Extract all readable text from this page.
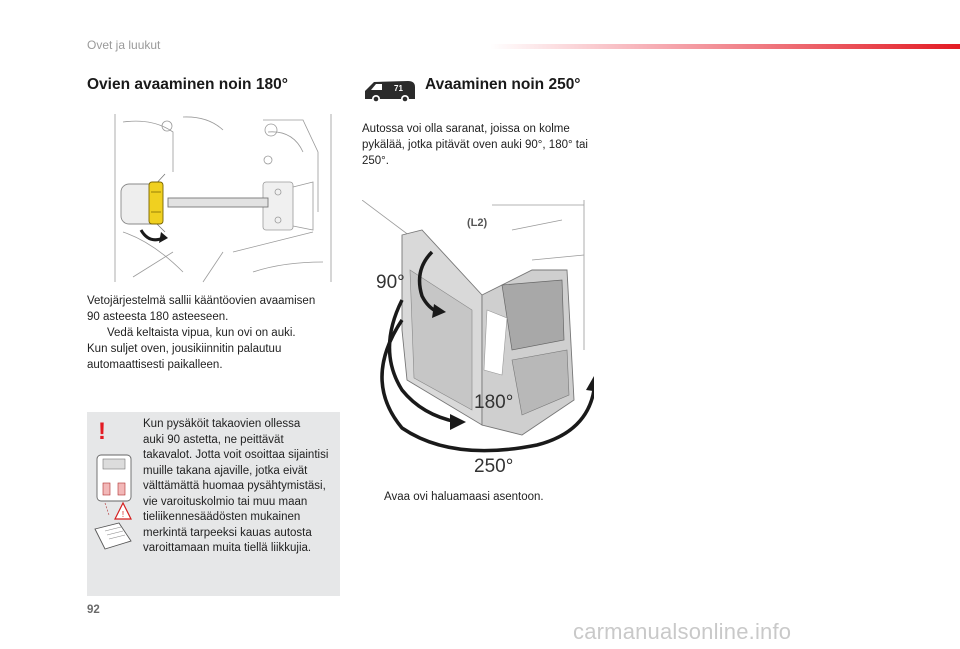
Ovet ja luukut
Ovien avaaminen noin 180°	71 Avaaminen noin 250°
Vetojärjestelmä sallii kääntöovien avaamisen
90 asteesta 180 asteeseen.
Vedä keltaista vipua, kun ovi on auki.
Kun suljet oven, jousikiinnitin palautuu
automaattisesti paikalleen.
!
!
Kun pysäköit takaovien ollessa
auki 90 astetta, ne peittävät
takavalot. Jotta voit osoittaa sijaintisi
muille takana ajaville, jotka eivät
välttämättä huomaa pysähtymistäsi,
vie varoituskolmio tai muu maan
tieliikennesäädösten mukainen
merkintä tarpeeksi kauas autosta
varoittamaan muita tiellä liikkujia.
Autossa voi olla saranat, joissa on kolme
pykälää, jotka pitävät oven auki 90°, 180° tai
250°.
(L2)
90°
180°
250°
Avaa ovi haluamaasi asentoon.
92
carmanualsonline.info
